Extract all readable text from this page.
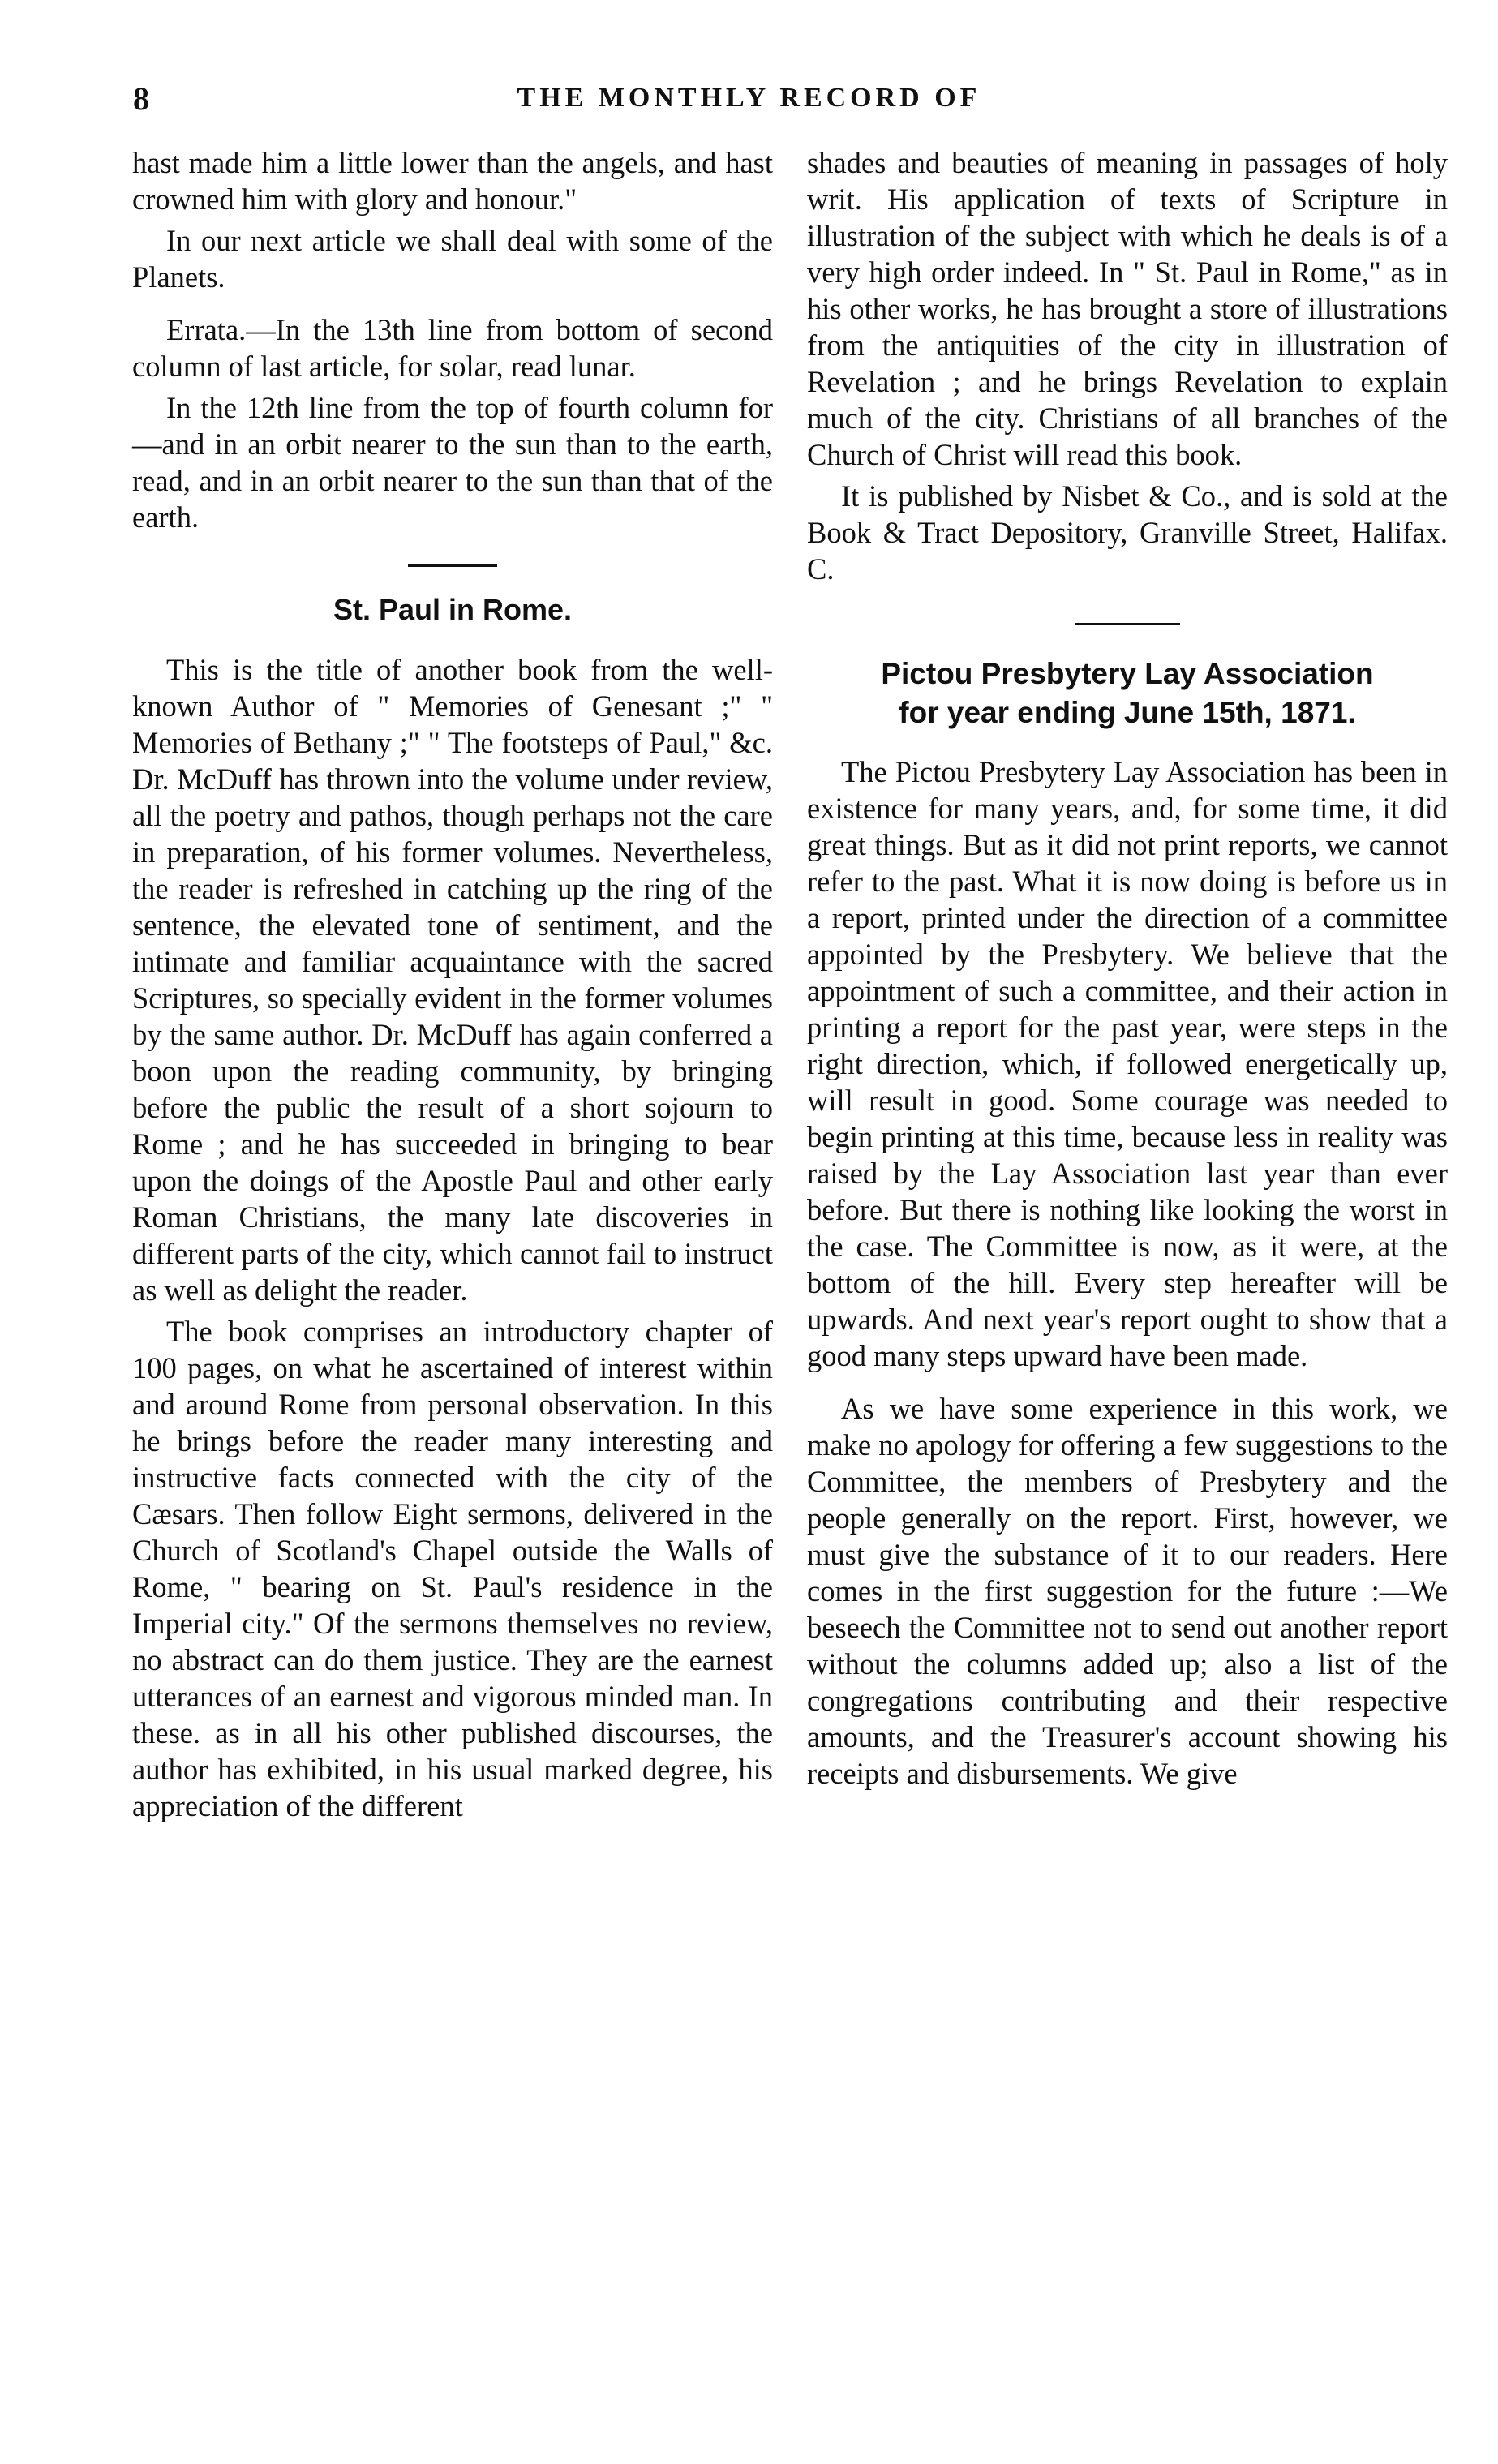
8	THE MONTHLY RECORD OF

hast made him a little lower than the angels, and hast crowned him with glory and honour."

In our next article we shall deal with some of the Planets.

Errata.—In the 13th line from bottom of second column of last article, for solar, read lunar.

In the 12th line from the top of fourth column for—and in an orbit nearer to the sun than to the earth, read, and in an orbit nearer to the sun than that of the earth.

St. Paul in Rome.

This is the title of another book from the well-known Author of " Memories of Genesant ;" " Memories of Bethany ;" " The footsteps of Paul," &c. Dr. McDuff has thrown into the volume under review, all the poetry and pathos, though perhaps not the care in preparation, of his former volumes. Nevertheless, the reader is refreshed in catching up the ring of the sentence, the elevated tone of sentiment, and the intimate and familiar acquaintance with the sacred Scriptures, so specially evident in the former volumes by the same author. Dr. McDuff has again conferred a boon upon the reading community, by bringing before the public the result of a short sojourn to Rome ; and he has succeeded in bringing to bear upon the doings of the Apostle Paul and other early Roman Christians, the many late discoveries in different parts of the city, which cannot fail to instruct as well as delight the reader.

The book comprises an introductory chapter of 100 pages, on what he ascertained of interest within and around Rome from personal observation. In this he brings before the reader many interesting and instructive facts connected with the city of the Cæsars. Then follow Eight sermons, delivered in the Church of Scotland's Chapel outside the Walls of Rome, " bearing on St. Paul's residence in the Imperial city." Of the sermons themselves no review, no abstract can do them justice. They are the earnest utterances of an earnest and vigorous minded man. In these. as in all his other published discourses, the author has exhibited, in his usual marked degree, his appreciation of the different

shades and beauties of meaning in passages of holy writ. His application of texts of Scripture in illustration of the subject with which he deals is of a very high order indeed. In " St. Paul in Rome," as in his other works, he has brought a store of illustrations from the antiquities of the city in illustration of Revelation ; and he brings Revelation to explain much of the city. Christians of all branches of the Church of Christ will read this book.

It is published by Nisbet & Co., and is sold at the Book & Tract Depository, Granville Street, Halifax. C.

Pictou Presbytery Lay Association
for year ending June 15th, 1871.

The Pictou Presbytery Lay Association has been in existence for many years, and, for some time, it did great things. But as it did not print reports, we cannot refer to the past. What it is now doing is before us in a report, printed under the direction of a committee appointed by the Presbytery. We believe that the appointment of such a committee, and their action in printing a report for the past year, were steps in the right direction, which, if followed energetically up, will result in good. Some courage was needed to begin printing at this time, because less in reality was raised by the Lay Association last year than ever before. But there is nothing like looking the worst in the case. The Committee is now, as it were, at the bottom of the hill. Every step hereafter will be upwards. And next year's report ought to show that a good many steps upward have been made.

As we have some experience in this work, we make no apology for offering a few suggestions to the Committee, the members of Presbytery and the people generally on the report. First, however, we must give the substance of it to our readers. Here comes in the first suggestion for the future :—We beseech the Committee not to send out another report without the columns added up; also a list of the congregations contributing and their respective amounts, and the Treasurer's account showing his receipts and disbursements. We give
